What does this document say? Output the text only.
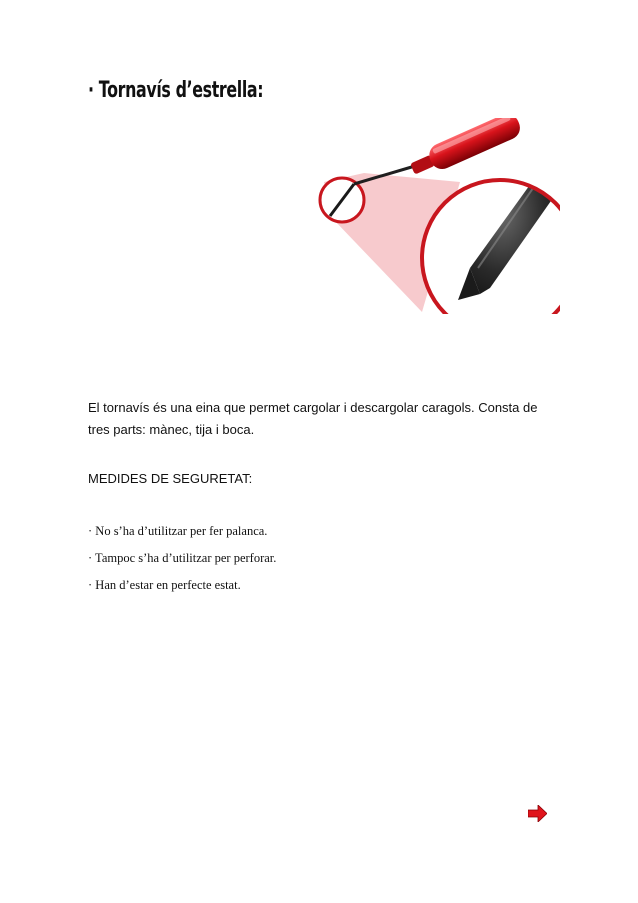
· Tornavís d’estrella:
El tornavís és una eina que permet cargolar i descargolar caragols. Consta de tres parts: mànec, tija i boca.
MEDIDES DE SEGURETAT:
· No s’ha d’utilitzar per fer palanca.
· Tampoc s’ha d’utilitzar per perforar.
· Han d’estar en perfecte estat.
